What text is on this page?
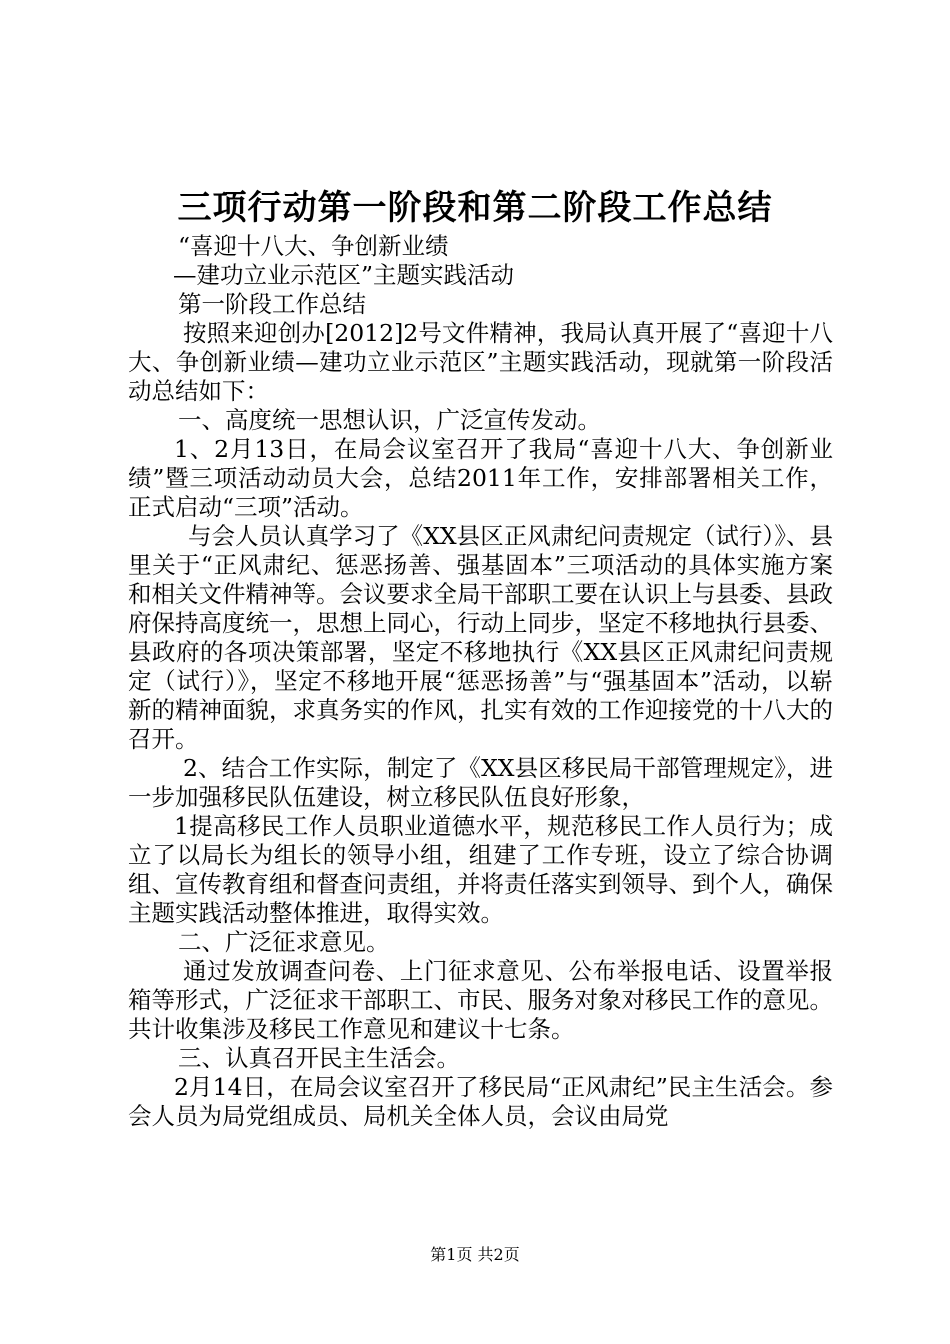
三项行动第一阶段和第二阶段工作总结

“喜迎十八大、争创新业绩

—建功立业示范区”主题实践活动

第一阶段工作总结

按照来迎创办[2012]2号文件精神，我局认真开展了“喜迎十八大、争创新业绩—建功立业示范区”主题实践活动，现就第一阶段活动总结如下：

一、高度统一思想认识，广泛宣传发动。

1、2月13日，在局会议室召开了我局“喜迎十八大、争创新业绩”暨三项活动动员大会，总结2011年工作，安排部署相关工作，正式启动“三项”活动。

与会人员认真学习了《XX县区正风肃纪问责规定（试行）》、县里关于“正风肃纪、惩恶扬善、强基固本”三项活动的具体实施方案和相关文件精神等。会议要求全局干部职工要在认识上与县委、县政府保持高度统一，思想上同心，行动上同步，坚定不移地执行县委、县政府的各项决策部署，坚定不移地执行《XX县区正风肃纪问责规定（试行）》，坚定不移地开展“惩恶扬善”与“强基固本”活动，以崭新的精神面貌，求真务实的作风，扎实有效的工作迎接党的十八大的召开。

2、结合工作实际，制定了《XX县区移民局干部管理规定》，进一步加强移民队伍建设，树立移民队伍良好形象，

1提高移民工作人员职业道德水平，规范移民工作人员行为；成立了以局长为组长的领导小组，组建了工作专班，设立了综合协调组、宣传教育组和督查问责组，并将责任落实到领导、到个人，确保主题实践活动整体推进，取得实效。

二、广泛征求意见。

通过发放调查问卷、上门征求意见、公布举报电话、设置举报箱等形式，广泛征求干部职工、市民、服务对象对移民工作的意见。共计收集涉及移民工作意见和建议十七条。

三、认真召开民主生活会。

2月14日，在局会议室召开了移民局“正风肃纪”民主生活会。参会人员为局党组成员、局机关全体人员，会议由局党

第1页 共2页
